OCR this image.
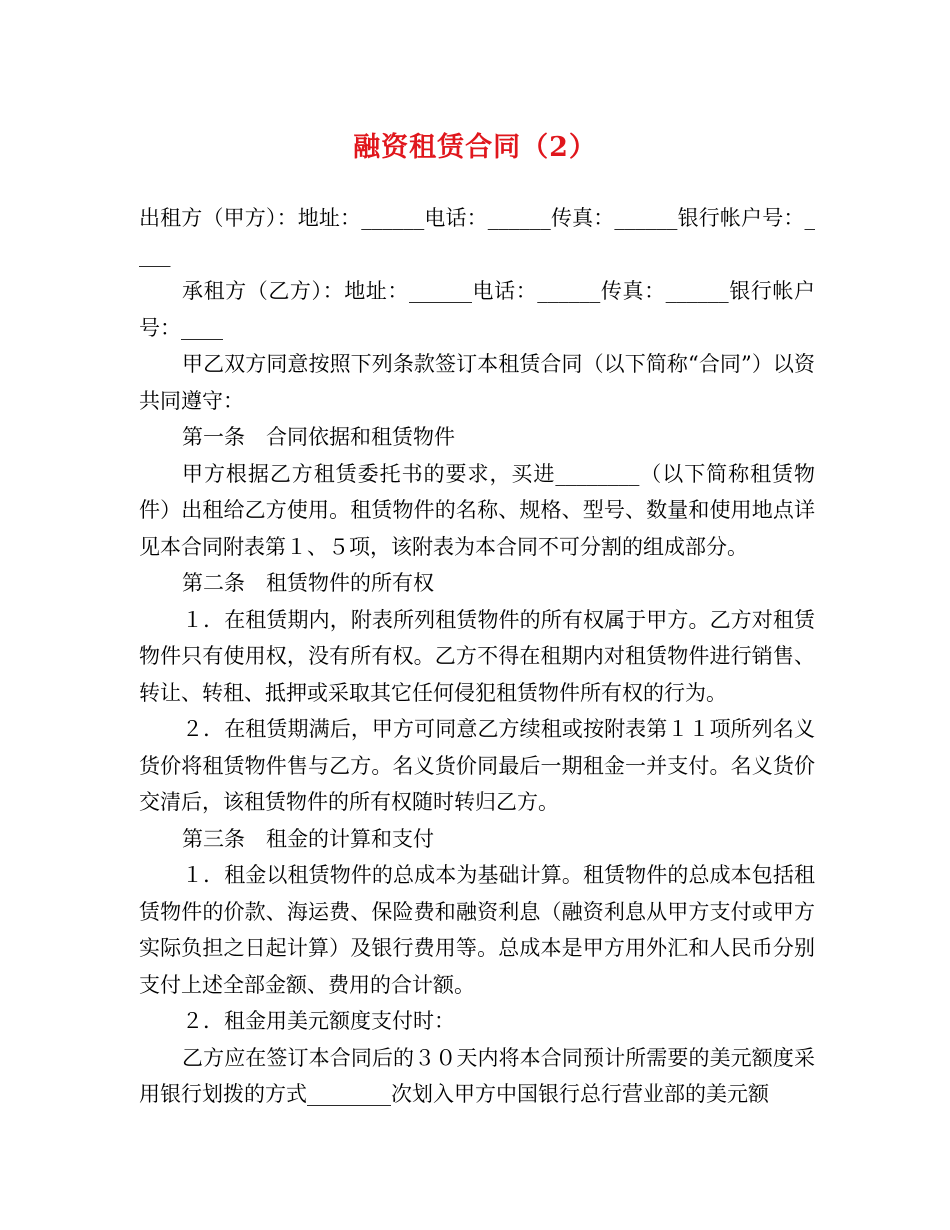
融资租赁合同（2）

出租方（甲方）：地址：______电话：______传真：______银行帐户号：____

承租方（乙方）：地址：______电话：______传真：______银行帐户号：____

甲乙双方同意按照下列条款签订本租赁合同（以下简称“合同”）以资共同遵守：

第一条　合同依据和租赁物件

甲方根据乙方租赁委托书的要求，买进________（以下简称租赁物件）出租给乙方使用。租赁物件的名称、规格、型号、数量和使用地点详见本合同附表第１、５项，该附表为本合同不可分割的组成部分。

第二条　租赁物件的所有权

１．在租赁期内，附表所列租赁物件的所有权属于甲方。乙方对租赁物件只有使用权，没有所有权。乙方不得在租期内对租赁物件进行销售、转让、转租、抵押或采取其它任何侵犯租赁物件所有权的行为。

２．在租赁期满后，甲方可同意乙方续租或按附表第１１项所列名义货价将租赁物件售与乙方。名义货价同最后一期租金一并支付。名义货价交清后，该租赁物件的所有权随时转归乙方。

第三条　租金的计算和支付

１．租金以租赁物件的总成本为基础计算。租赁物件的总成本包括租赁物件的价款、海运费、保险费和融资利息（融资利息从甲方支付或甲方实际负担之日起计算）及银行费用等。总成本是甲方用外汇和人民币分别支付上述全部金额、费用的合计额。

２．租金用美元额度支付时：

乙方应在签订本合同后的３０天内将本合同预计所需要的美元额度采用银行划拨的方式________次划入甲方中国银行总行营业部的美元额
